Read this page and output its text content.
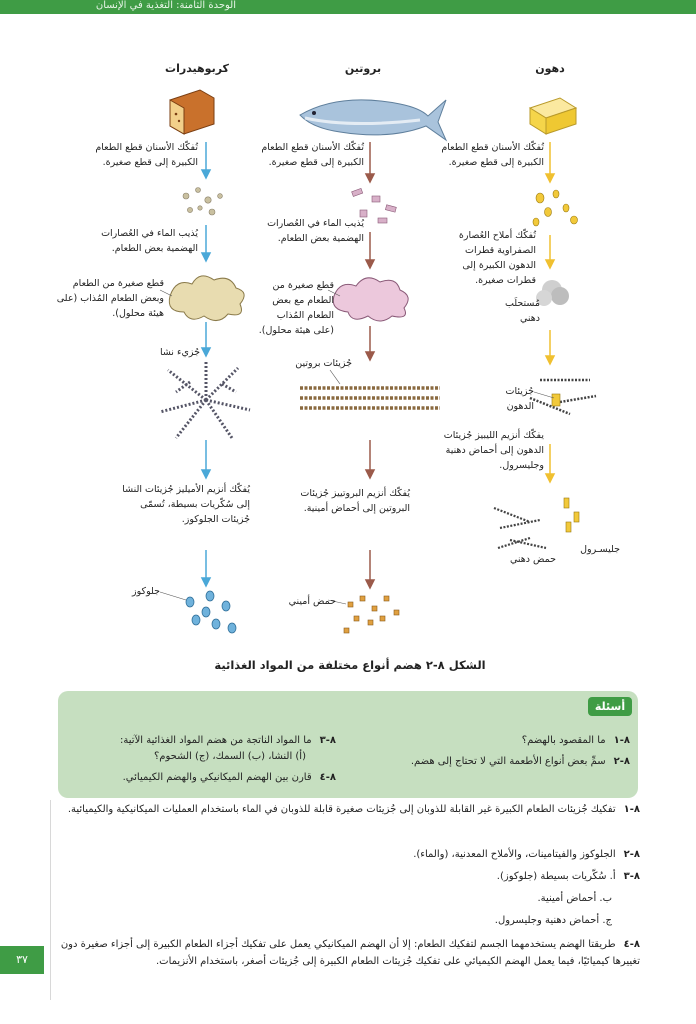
الوحدة الثامنة: التغذية في الإنسان
دهون
بروتين
كربوهيدرات
تُفكّك الأسنان قطع الطعام الكبيرة إلى قطع صغيرة.
يُذيب الماء في العُصارات الهضمية بعض الطعام.
قطع صغيرة من الطعام وبعض الطعام المُذاب (على هيئة محلول).
جُزيء نشا
يُفكّك أنزيم الأميليز جُزيئات النشا إلى سُكّريات بسيطة، تُسمّى جُزيئات الجلوكوز.
جلوكوز
تُفكّك الأسنان قطع الطعام الكبيرة إلى قطع صغيرة.
يُذيب الماء في العُصارات الهضمية بعض الطعام.
قطع صغيرة من الطعام مع بعض الطعام المُذاب (على هيئة محلول).
جُزيئات بروتين
يُفكّك أنزيم البروتييز جُزيئات البروتين إلى أحماض أمينية.
حمض أميني
تُفكّك الأسنان قطع الطعام الكبيرة إلى قطع صغيرة.
تُفكّك أملاح العُصارة الصفراوية قطرات الدهون الكبيرة إلى قطرات صغيرة.
مُستحلَب دهني
جُزيئات الدهون
يفكّك أنزيم الليبيز جُزيئات الدهون إلى أحماض دهنية وجليسرول.
جليسـرول
حمض دهني
الشكل ٨-٢ هضم أنواع مختلفة من المواد الغذائية
أسئلة
٨-١ما المقصود بالهضم؟
٨-٢سمِّ بعض أنواع الأطعمة التي لا تحتاج إلى هضم.
٨-٣ما المواد الناتجة من هضم المواد الغذائية الآتية:
(أ) النشا، (ب) السمك، (ج) الشحوم؟
٨-٤قارن بين الهضم الميكانيكي والهضم الكيميائي.
٨-١تفكيك جُزيئات الطعام الكبيرة غير القابلة للذوبان إلى جُزيئات صغيرة قابلة للذوبان في الماء باستخدام العمليات الميكانيكية والكيميائية.
٨-٢الجلوكوز والفيتامينات، والأملاح المعدنية، (والماء).
٨-٣أ. سُكّريات بسيطة (جلوكوز).
ب. أحماض أمينية.
ج. أحماض دهنية وجليسرول.
٨-٤طريقتا الهضم يستخدمهما الجسم لتفكيك الطعام: إلا أن الهضم الميكانيكي يعمل على تفكيك أجزاء الطعام الكبيرة إلى أجزاء صغيرة دون تغييرها كيميائيًا، فيما يعمل الهضم الكيميائي على تفكيك جُزيئات الطعام الكبيرة إلى جُزيئات أصغر، باستخدام الأنزيمات.
٣٧
